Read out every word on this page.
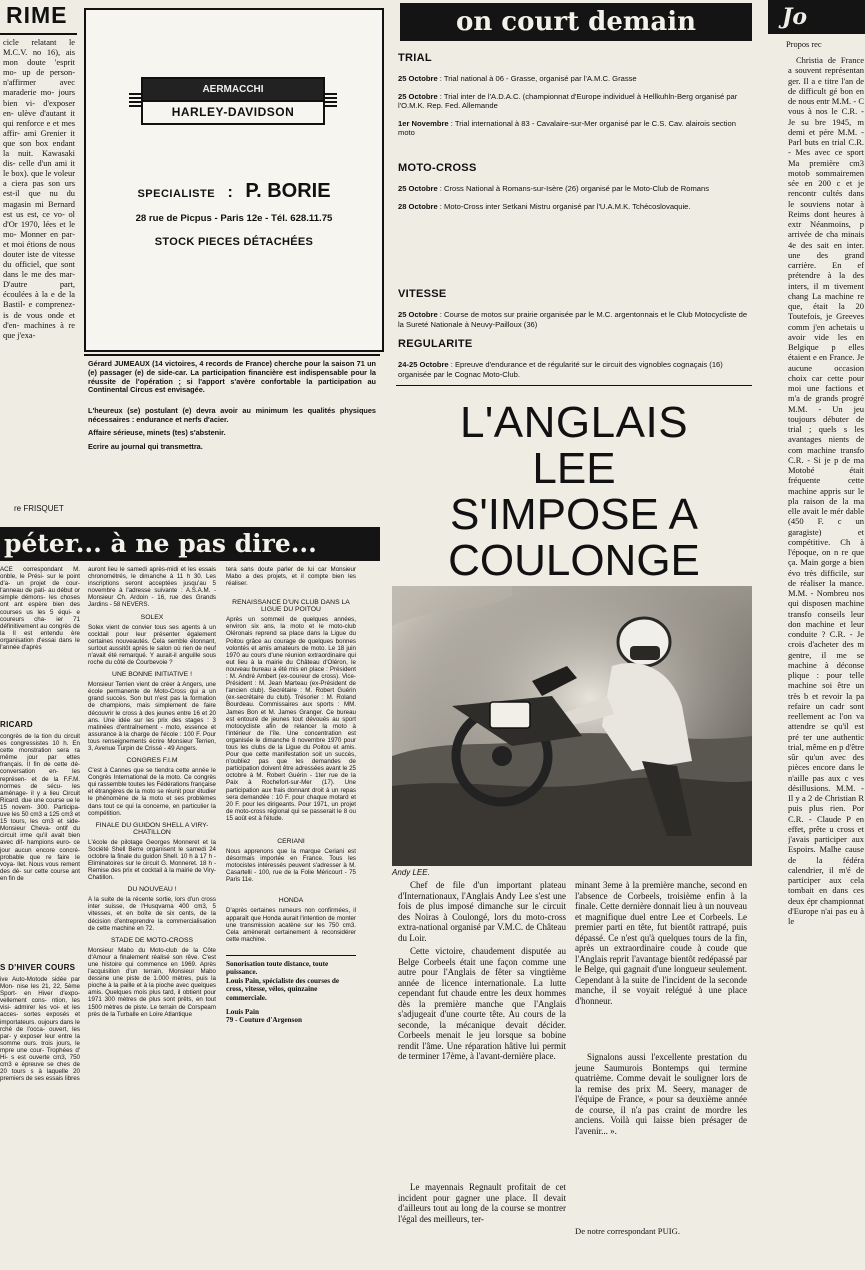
RIME

cicle relatant le M.C.V. no 16), ais mon doute 'esprit mo- up de person- n'affirmer avec maraderie mo- jours bien vi- d'exposer en- ulève d'autant it qui renforce e et mes affir- ami Grenier it que son box endant la nuit. Kawasaki dis- celle d'un ami it le box). que le voleur a ciera pas son urs est-il que nu du magasin mi Bernard est us est, ce vo- ol d'Or 1970, lées et le mo- Monner en par- et moi étions de nous douter iste de vitesse du officiel, que sont dans le me des mar- D'autre part, écoulées à la e de la Bastil- e comprenez- is de vous onde et d'en- machines à re que j'exa-

re FRISQUET
AERMACCHI
HARLEY-DAVIDSON
SPECIALISTE : P. BORIE
28 rue de Picpus - Paris 12e - Tél. 628.11.75
STOCK PIECES DÉTACHÉES

Gérard JUMEAUX (14 victoires, 4 records de France) cherche pour la saison 71 un (e) passager (e) de side-car. La participation financière est indispensable pour la réussite de l'opération ; si l'apport s'avère confortable la participation au Continental Circus est envisagée.

L'heureux (se) postulant (e) devra avoir au minimum les qualités physiques nécessaires : endurance et nerfs d'acier.

Affaire sérieuse, minets (tes) s'abstenir.

Ecrire au journal qui transmettra.

on court demain
TRIAL

25 Octobre : Trial national à 06 - Grasse, organisé par l'A.M.C. Grasse

25 Octobre : Trial inter de l'A.D.A.C. (championnat d'Europe individuel à Hellkuhln-Berg organisé par l'O.M.K. Rep. Fed. Allemande

1er Novembre : Trial international à 83 - Cavalaire-sur-Mer organisé par le C.S. Cav. alairois section moto

MOTO-CROSS

25 Octobre : Cross National à Romans-sur-Isère (26) organisé par le Moto-Club de Romans

28 Octobre : Moto-Cross inter Setkani Mistru organisé par l'U.A.M.K. Tchécoslovaquie.

VITESSE

25 Octobre : Course de motos sur prairie organisée par le M.C. argentonnais et le Club Motocycliste de la Sureté Nationale à Neuvy-Pailloux (36)

REGULARITE

24-25 Octobre : Epreuve d'endurance et de régularité sur le circuit des vignobles cognaçais (16) organisée par le Cognac Moto-Club.

L'ANGLAIS
LEE
S'IMPOSE A
COULONGE
Andy LEE.

Chef de file d'un important plateau d'Internationaux, l'Anglais Andy Lee s'est une fois de plus imposé dimanche sur le circuit des Noiras à Coulongé, lors du moto-cross extra-national organisé par V.M.C. de Château du Loir.

Cette victoire, chaudement disputée au Belge Corbeels était une façon comme une autre pour l'Anglais de fêter sa vingtième année de licence internationale. La lutte cependant fut chaude entre les deux hommes dès la première manche que l'Anglais s'adjugeait d'une courte tête. Au cours de la seconde, la mécanique devait décider. Corbeels menait le jeu lorsque sa bobine rendit l'âme. Une réparation hâtive lui permit de terminer 17ème, à l'avant-dernière place.

Le mayennais Regnault profitait de cet incident pour gagner une place. Il devait d'ailleurs tout au long de la course se montrer l'égal des meilleurs, ter-

minant 3eme à la première manche, second en l'absence de Corbeels, troisième enfin à la finale. Cette dernière donnait lieu à un nouveau et magnifique duel entre Lee et Corbeels. Le premier parti en tête, fut bientôt rattrapé, puis dépassé. Ce n'est qu'à quelques tours de la fin, après un extraordinaire coude à coude que l'Anglais reprit l'avantage bientôt redépassé par le Belge, qui gagnait d'une longueur seulement. Cependant à la suite de l'incident de la seconde manche, il se voyait relégué à une place d'honneur.

Signalons aussi l'excellente prestation du jeune Saumurois Bontemps qui termine quatrième. Comme devait le souligner lors de la remise des prix M. Seery, manager de l'équipe de France, « pour sa deuxième année de course, il n'a pas craint de mordre les anciens. Voilà qui laisse bien présager de l'avenir... ».

De notre correspondant PUIG.

péter... à ne pas dire...

ACE correspondant M. onble, le Prési- sur le point d'a- un projet de cour- l'anneau de pati- au début or simple démons- les choses ont ant espère bien des courses us les 5 équi- e coureurs cha- ier 71 définitivement au congrès de la ll est entendu ère organisation d'essai dans le l'année d'après

RICARD

congrès de la tion du circuit es congressistes 10 h. En cette monstration sera ra même jour par ettes français. Il fin de cette dé- conversation en- les représen- et de la F.F.M. normes de sécu- les aménage- il y a lieu Circuit Ricard. due une course ue le 15 novem- 300. Participa- uve les 50 cm3 a 125 cm3 et 15 tours, les cm3 et side- Monsieur Cheva- ontif du circuit irme qu'il avait bien avec dif- hampions euro- ce jour aucun encore concré- probable que re faire le voya- llet. Nous vous rement des dé- sur cette course ant en fin de

S D'HIVER COURS

ive Auto-Motode sidée par Mon- nise les 21, 22, 5ème Sport- en Hiver d'expo- vellement cons- ntion, les visi- admirer les voi- et les acces- sortes exposés et importateurs. oujours dans le rché de l'occa- ouvert, les par- y exposer leur entre la somme ours. trois jours, le mpre une cour- Trophées d' Hi- s est ouverte cm3, 750 cm3 e épreuve se ches de 20 tours s à laquelle 20 premiers de ses essais libres

auront lieu le samedi après-midi et les essais chronométrés, le dimanche à 11 h 30. Les inscriptions seront acceptées jusqu'au 5 novembre à l'adresse suivante : A.S.A.M. - Monsieur Ch. Ardoin - 16, rue des Grands Jardins - 58 NEVERS.

SOLEX

Solex vient de convier tous ses agents à un cocktail pour leur présenter également certaines nouveautés. Cela semble étonnant, surtout aussitôt après le salon où rien de neuf n'avait été remarqué. Y aurait-il anguille sous roche du côté de Courbevoie ?

UNE BONNE INITIATIVE !

Monsieur Terrien vient de créer à Angers, une école permanente de Moto-Cross qui a un grand succès. Son but n'est pas la formation de champions, mais simplement de faire découvrir le cross à des jeunes entre 16 et 20 ans. Une idée sur les prix des stages : 3 matinées d'entraînement - moto, essence et assurance à la charge de l'école : 100 F. Pour tous renseignements écrire Monsieur Terrien, 3, Avenue Turpin de Crissé - 49 Angers.

CONGRES F.I.M

C'est à Cannes que se tiendra cette année le Congrès International de la moto. Ce congrès qui rassemble toutes les Fédérations française et étrangères de la moto se réunit pour étudier le phénomène de la moto et ses problèmes dans tout ce qui la concerne, en particulier la compétition.

FINALE DU GUIDON SHELL A VIRY-CHATILLON

L'école de pilotage Georges Monneret et la Société Shell Berre organisent le samedi 24 octobre la finale du guidon Shell. 10 h à 17 h - Eliminatoires sur le circuit G. Monneret. 18 h - Remise des prix et cocktail à la mairie de Viry-Chatillon.

DU NOUVEAU !

A la suite de la récente sortie, lors d'un cross inter suisse, de l'Husqvarna 400 cm3, 5 vitesses, et en boîte de six cents, de la décision d'entreprendre la commercialisation de cette machine en 72.

STADE DE MOTO-CROSS

Monsieur Mabo du Moto-club de la Côte d'Amour a finalement réalisé son rêve. C'est une histoire qui commence en 1969. Après l'acquisition d'un terrain, Monsieur Mabo dessine une piste de 1.000 mètres, puis la pioche à la paille et à la pioche avec quelques amis. Quelques mois plus tard, il obtient pour 1971 300 mètres de plus sont prêts, en tout 1500 mètres de piste. Le terrain de Corspeam près de la Turballe en Loire Atlantique

tera sans doute parler de lui car Monsieur Mabo a des projets, et il compte bien les réaliser.

RENAISSANCE D'UN CLUB DANS LA LIGUE DU POITOU

Après un sommeil de quelques années, environ six ans, la moto et le moto-club Oléronais reprend sa place dans la Ligue du Poitou grâce au courage de quelques bonnes volontés et amis amateurs de moto. Le 18 juin 1970 au cours d'une réunion extraordinaire qui eut lieu à la mairie du Château d'Oléron, le nouveau bureau a été mis en place : Président : M. André Ambert (ex-coureur de cross). Vice-Président : M. Jean Marteau (ex-Président de l'ancien club). Secrétaire : M. Robert Guérin (ex-secrétaire du club). Trésorier : M. Roland Bourdeau. Commissaires aux sports : MM. James Bon et M. James Granger. Ce bureau est entouré de jeunes tout dévoués au sport motocycliste afin de relancer la moto à l'intérieur de l'île. Une concentration est organisée le dimanche 8 novembre 1970 pour tous les clubs de la Ligue du Poitou et amis. Pour que cette manifestation soit un succès, n'oubliez pas que les demandes de participation doivent être adressées avant le 25 octobre à M. Robert Guérin - 1ter rue de la Paix à Rochefort-sur-Mer (17). Une participation aux frais donnant droit à un repas sera demandée : 10 F. pour chaque motard et 20 F. pour les dirigeants. Pour 1971, un projet de moto-cross régional qui se passerait le 8 ou 15 août est à l'étude.

CERIANI

Nous apprenons que la marque Ceriani est désormais importée en France. Tous les motocistes intéressés peuvent s'adresser à M. Casartelli - 100, rue de la Folie Méricourt - 75 Paris 11e.

HONDA

D'après certaines rumeurs non confirmées, il apparaît que Honda aurait l'intention de monter une transmission acatène sur les 750 cm3. Cela amènerait certainement à reconsidérer cette machine.

Sonorisation toute distance, toute puissance.

Louis Pain, spécialiste des courses de cross, vitesse, vélos, quinzaine commerciale.

Louis Pain

79 - Couture d'Argenson

Jo
Propos rec

Christia de France a souvent représentan ger. Il a e titre l'an de de difficult gé bon en de nous entr M.M. - C vous à nos le C.R. - Je su bre 1945, m demi et pére M.M. - Parl buts en trial C.R. - Mes avec ce sport Ma première cm3 motob sommairemen sée en 200 c et je rencontr cultés dans le souviens notar à Reims dont heures à extr Néanmoins, p arrivée de cha minais 4e des sait en inter. une des grand carrière. En ef prétendre à la des inters, il m tivement chang La machine re que, était la 20 Toutefois, je Greeves comm j'en achetais u avoir vide les en Belgique p elles étaient e en France. Je aucune occasion choix car cette pour moi une factions et m'a de grands progré M.M. - Un jeu toujours débuter de trial ; quels s les avantages nients de com machine transfo C.R. - Si je p de ma Motobé était fréquente cette machine appris sur le pla raison de la ma elle avait le mér dable (450 F. c un garagiste) et compétitive. Ch à l'époque, on n re que ça. Main gorge a bien évo très difficile, sur de réaliser la mance. M.M. - Nombreu nos qui disposen machine transfo conseils leur don machine et leur conduite ? C.R. - Je crois d'acheter des m gentre, il me se machine à déconse plique : pour telle machine soi être un très b et revoir la pa refaire un cadr sont reellement ac l'on va attendre se qu'il est pré ter une authentic trial, même en p d'être sûr qu'un avec des pièces encore dans le n'aille pas aux c ves désillusions. M.M. - Il y a 2 de Christian R puis plus rien. Por C.R. - Claude P en effet, prête u cross et j'avais participer aux Espoirs. Malhe cause de la fédéra calendrier, il m'é de participer aux cela tombait en dans ces deux épr championnat d'Europe n'ai pas eu à le
